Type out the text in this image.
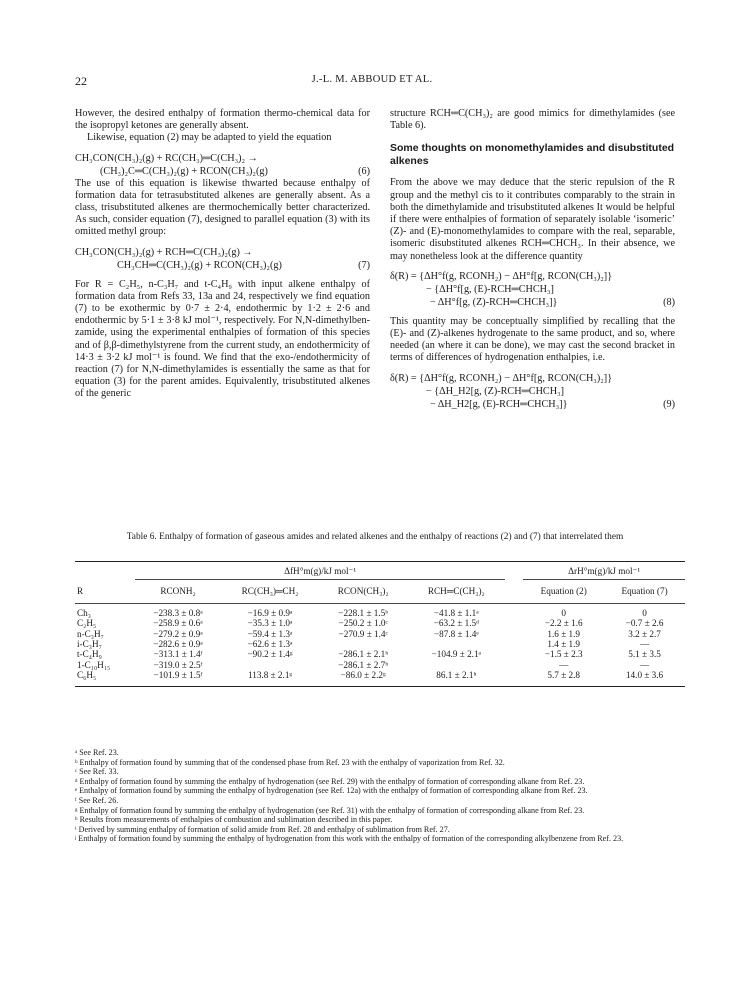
22	J.-L. M. ABBOUD ET AL.

However, the desired enthalpy of formation thermo-chemical data for the isopropyl ketones are generally absent.

Likewise, equation (2) may be adapted to yield the equation

CH₃CON(CH₃)₂(g) + RC(CH₃)═C(CH₃)₂ →
(CH₃)₂C═C(CH₃)₂(g) + RCON(CH₃)₂(g)	(6)

The use of this equation is likewise thwarted because enthalpy of formation data for tetrasubstituted alkenes are generally absent. As a class, trisubstituted alkenes are thermochemically better characterized. As such, consider equation (7), designed to parallel equation (3) with its omitted methyl group:

CH₃CON(CH₃)₂(g) + RCH═C(CH₃)₂(g) →
CH₃CH═C(CH₃)₂(g) + RCON(CH₃)₂(g)	(7)

For R = C₂H₅, n-C₃H₇ and t-C₄H₉ with input alkene enthalpy of formation data from Refs 33, 13a and 24, respectively we find equation (7) to be exothermic by 0·7 ± 2·4, endothermic by 1·2 ± 2·6 and endothermic by 5·1 ± 3·8 kJ mol⁻¹, respectively. For N,N-dimethylben-zamide, using the experimental enthalpies of formation of this species and of β,β-dimethylstyrene from the current study, an endothermicity of 14·3 ± 3·2 kJ mol⁻¹ is found. We find that the exo-/endothermicity of reaction (7) for N,N-dimethylamides is essentially the same as that for equation (3) for the parent amides. Equivalently, trisubstituted alkenes of the generic

structure RCH═C(CH₃)₂ are good mimics for dimethylamides (see Table 6).

Some thoughts on monomethylamides and disubstituted alkenes

From the above we may deduce that the steric repulsion of the R group and the methyl cis to it contributes comparably to the strain in both the dimethylamide and trisubstituted alkenes It would be helpful if there were enthalpies of formation of separately isolable ‘isomeric’ (Z)- and (E)-monomethylamides to compare with the real, separable, isomeric disubstituted alkenes RCH═CHCH₃. In their absence, we may nonetheless look at the difference quantity

δ(R) = {ΔH°f(g, RCONH₂) − ΔH°f[g, RCON(CH₃)₂]}
− {ΔH°f[g, (E)-RCH═CHCH₃]
− ΔH°f[g, (Z)-RCH═CHCH₃]}	(8)

This quantity may be conceptually simplified by recalling that the (E)- and (Z)-alkenes hydrogenate to the same product, and so, where needed (an where it can be done), we may cast the second bracket in terms of differences of hydrogenation enthalpies, i.e.

δ(R) = {ΔH°f(g, RCONH₂) − ΔH°f[g, RCON(CH₃)₂]}
− {ΔH_H2[g, (Z)-RCH═CHCH₃]
− ΔH_H2[g, (E)-RCH═CHCH₃]}	(9)
Table 6. Enthalpy of formation of gaseous amides and related alkenes and the enthalpy of reactions (2) and (7) that interrelated them
	ΔfH°m(g)/kJ mol⁻¹					ΔrH°m(g)/kJ mol⁻¹	
R	RCONH₂	RC(CH₃)═CH₂	RCON(CH₃)₂	RCH═C(CH₃)₂		Equation (2)	Equation (7)
Ch₃	−238.3 ± 0.8ᵃ	−16.9 ± 0.9ᵃ	−228.1 ± 1.5ᵇ	−41.8 ± 1.1ᵃ		0	0
C₂H₅	−258.9 ± 0.6ᵃ	−35.3 ± 1.0ᵃ	−250.2 ± 1.0ᶜ	−63.2 ± 1.5ᵈ		−2.2 ± 1.6	−0.7 ± 2.6
n-C₃H₇	−279.2 ± 0.9ᵃ	−59.4 ± 1.3ᵃ	−270.9 ± 1.4ᶜ	−87.8 ± 1.4ᵉ		1.6 ± 1.9	3.2 ± 2.7
i-C₃H₇	−282.6 ± 0.9ᵃ	−62.6 ± 1.3ᵃ				1.4 ± 1.9	—
t-C₄H₉	−313.1 ± 1.4ᶠ	−90.2 ± 1.4ᵍ	−286.1 ± 2.1ʰ	−104.9 ± 2.1ᵃ		−1.5 ± 2.3	5.1 ± 3.5
1-C₁₀H₁₅	−319.0 ± 2.5ᶠ		−286.1 ± 2.7ʰ			—	—
C₆H₅	−101.9 ± 1.5ᶠ	113.8 ± 2.1ᵍ	−86.0 ± 2.2ᵍ	86.1 ± 2.1ʰ		5.7 ± 2.8	14.0 ± 3.6
ᵃ See Ref. 23.
ᵇ Enthalpy of formation found by summing that of the condensed phase from Ref. 23 with the enthalpy of vaporization from Ref. 32.
ᶜ See Ref. 33.
ᵈ Enthalpy of formation found by summing the enthalpy of hydrogenation (see Ref. 29) with the enthalpy of formation of corresponding alkane from Ref. 23.
ᵉ Enthalpy of formation found by summing the enthalpy of hydrogenation (see Ref. 12a) with the enthalpy of formation of corresponding alkane from Ref. 23.
ᶠ See Ref. 26.
ᵍ Enthalpy of formation found by summing the enthalpy of hydrogenation (see Ref. 31) with the enthalpy of formation of corresponding alkane from Ref. 23.
ʰ Results from measurements of enthalpies of combustion and sublimation described in this paper.
ⁱ Derived by summing enthalpy of formation of solid amide from Ref. 28 and enthalpy of sublimation from Ref. 27.
ʲ Enthalpy of formation found by summing the enthalpy of hydrogenation from this work with the enthalpy of formation of the corresponding alkylbenzene from Ref. 23.
